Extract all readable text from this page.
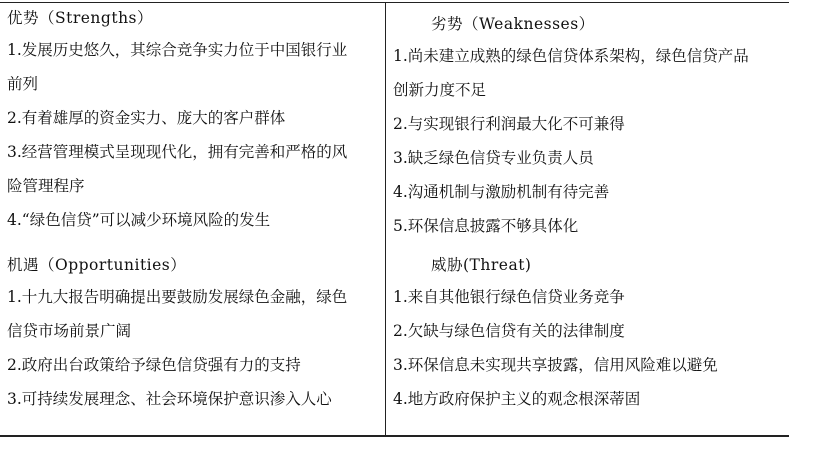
优势（Strengths）
1.发展历史悠久，其综合竞争实力位于中国银行业
前列
2.有着雄厚的资金实力、庞大的客户群体
3.经营管理模式呈现现代化，拥有完善和严格的风
险管理程序
4.“绿色信贷”可以减少环境风险的发生
劣势（Weaknesses）
1.尚未建立成熟的绿色信贷体系架构，绿色信贷产品
创新力度不足
2.与实现银行利润最大化不可兼得
3.缺乏绿色信贷专业负责人员
4.沟通机制与激励机制有待完善
5.环保信息披露不够具体化
机遇（Opportunities）
1.十九大报告明确提出要鼓励发展绿色金融，绿色
信贷市场前景广阔
2.政府出台政策给予绿色信贷强有力的支持
3.可持续发展理念、社会环境保护意识渗入人心
威胁(Threat)
1.来自其他银行绿色信贷业务竞争
2.欠缺与绿色信贷有关的法律制度
3.环保信息未实现共享披露，信用风险难以避免
4.地方政府保护主义的观念根深蒂固
